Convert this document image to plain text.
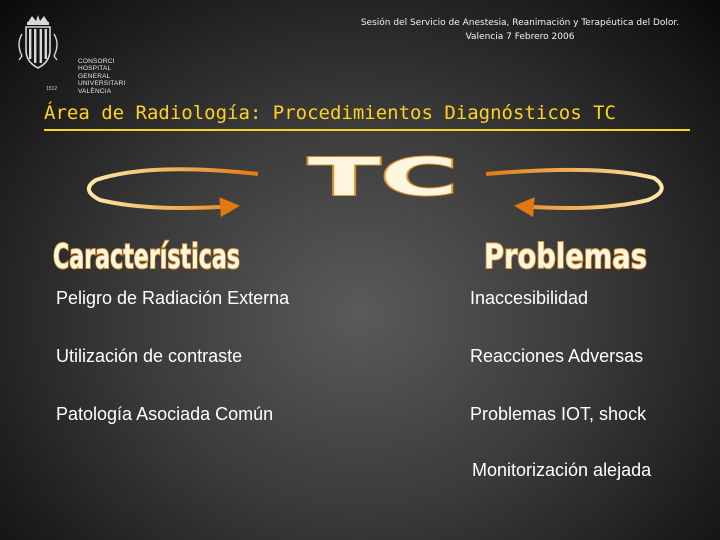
CONSORCI
HOSPITAL GENERAL
UNIVERSITARI
VALÈNCIA
1512
Sesión del Servicio de Anestesia, Reanimación y Terapéutica del Dolor.
Valencia 7 Febrero 2006
Área de Radiología: Procedimientos Diagnósticos TC
TC
Características	Problemas
Peligro de Radiación Externa
Utilización de contraste
Patología Asociada Común
Inaccesibilidad
Reacciones Adversas
Problemas IOT, shock
Monitorización alejada
